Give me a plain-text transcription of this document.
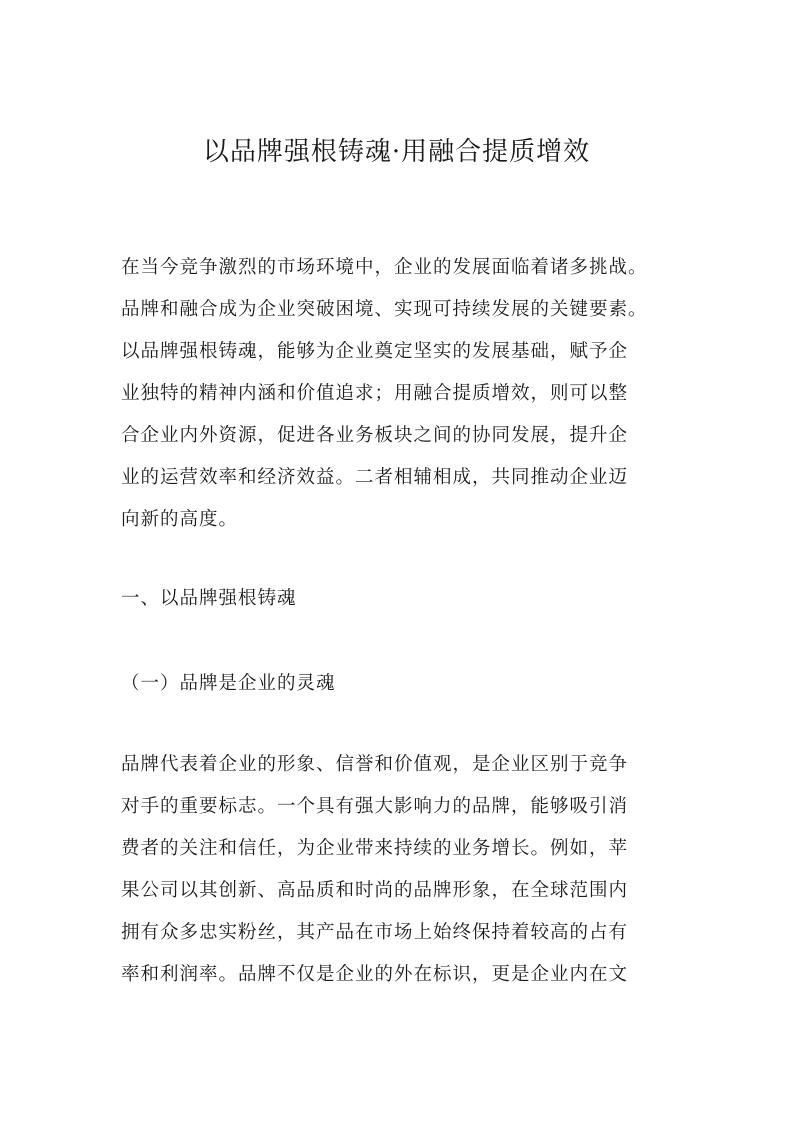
以品牌强根铸魂·用融合提质增效
在当今竞争激烈的市场环境中，企业的发展面临着诸多挑战。
品牌和融合成为企业突破困境、实现可持续发展的关键要素。
以品牌强根铸魂，能够为企业奠定坚实的发展基础，赋予企
业独特的精神内涵和价值追求；用融合提质增效，则可以整
合企业内外资源，促进各业务板块之间的协同发展，提升企
业的运营效率和经济效益。二者相辅相成，共同推动企业迈
向新的高度。
一、以品牌强根铸魂
（一）品牌是企业的灵魂
品牌代表着企业的形象、信誉和价值观，是企业区别于竞争
对手的重要标志。一个具有强大影响力的品牌，能够吸引消
费者的关注和信任，为企业带来持续的业务增长。例如，苹
果公司以其创新、高品质和时尚的品牌形象，在全球范围内
拥有众多忠实粉丝，其产品在市场上始终保持着较高的占有
率和利润率。品牌不仅是企业的外在标识，更是企业内在文
